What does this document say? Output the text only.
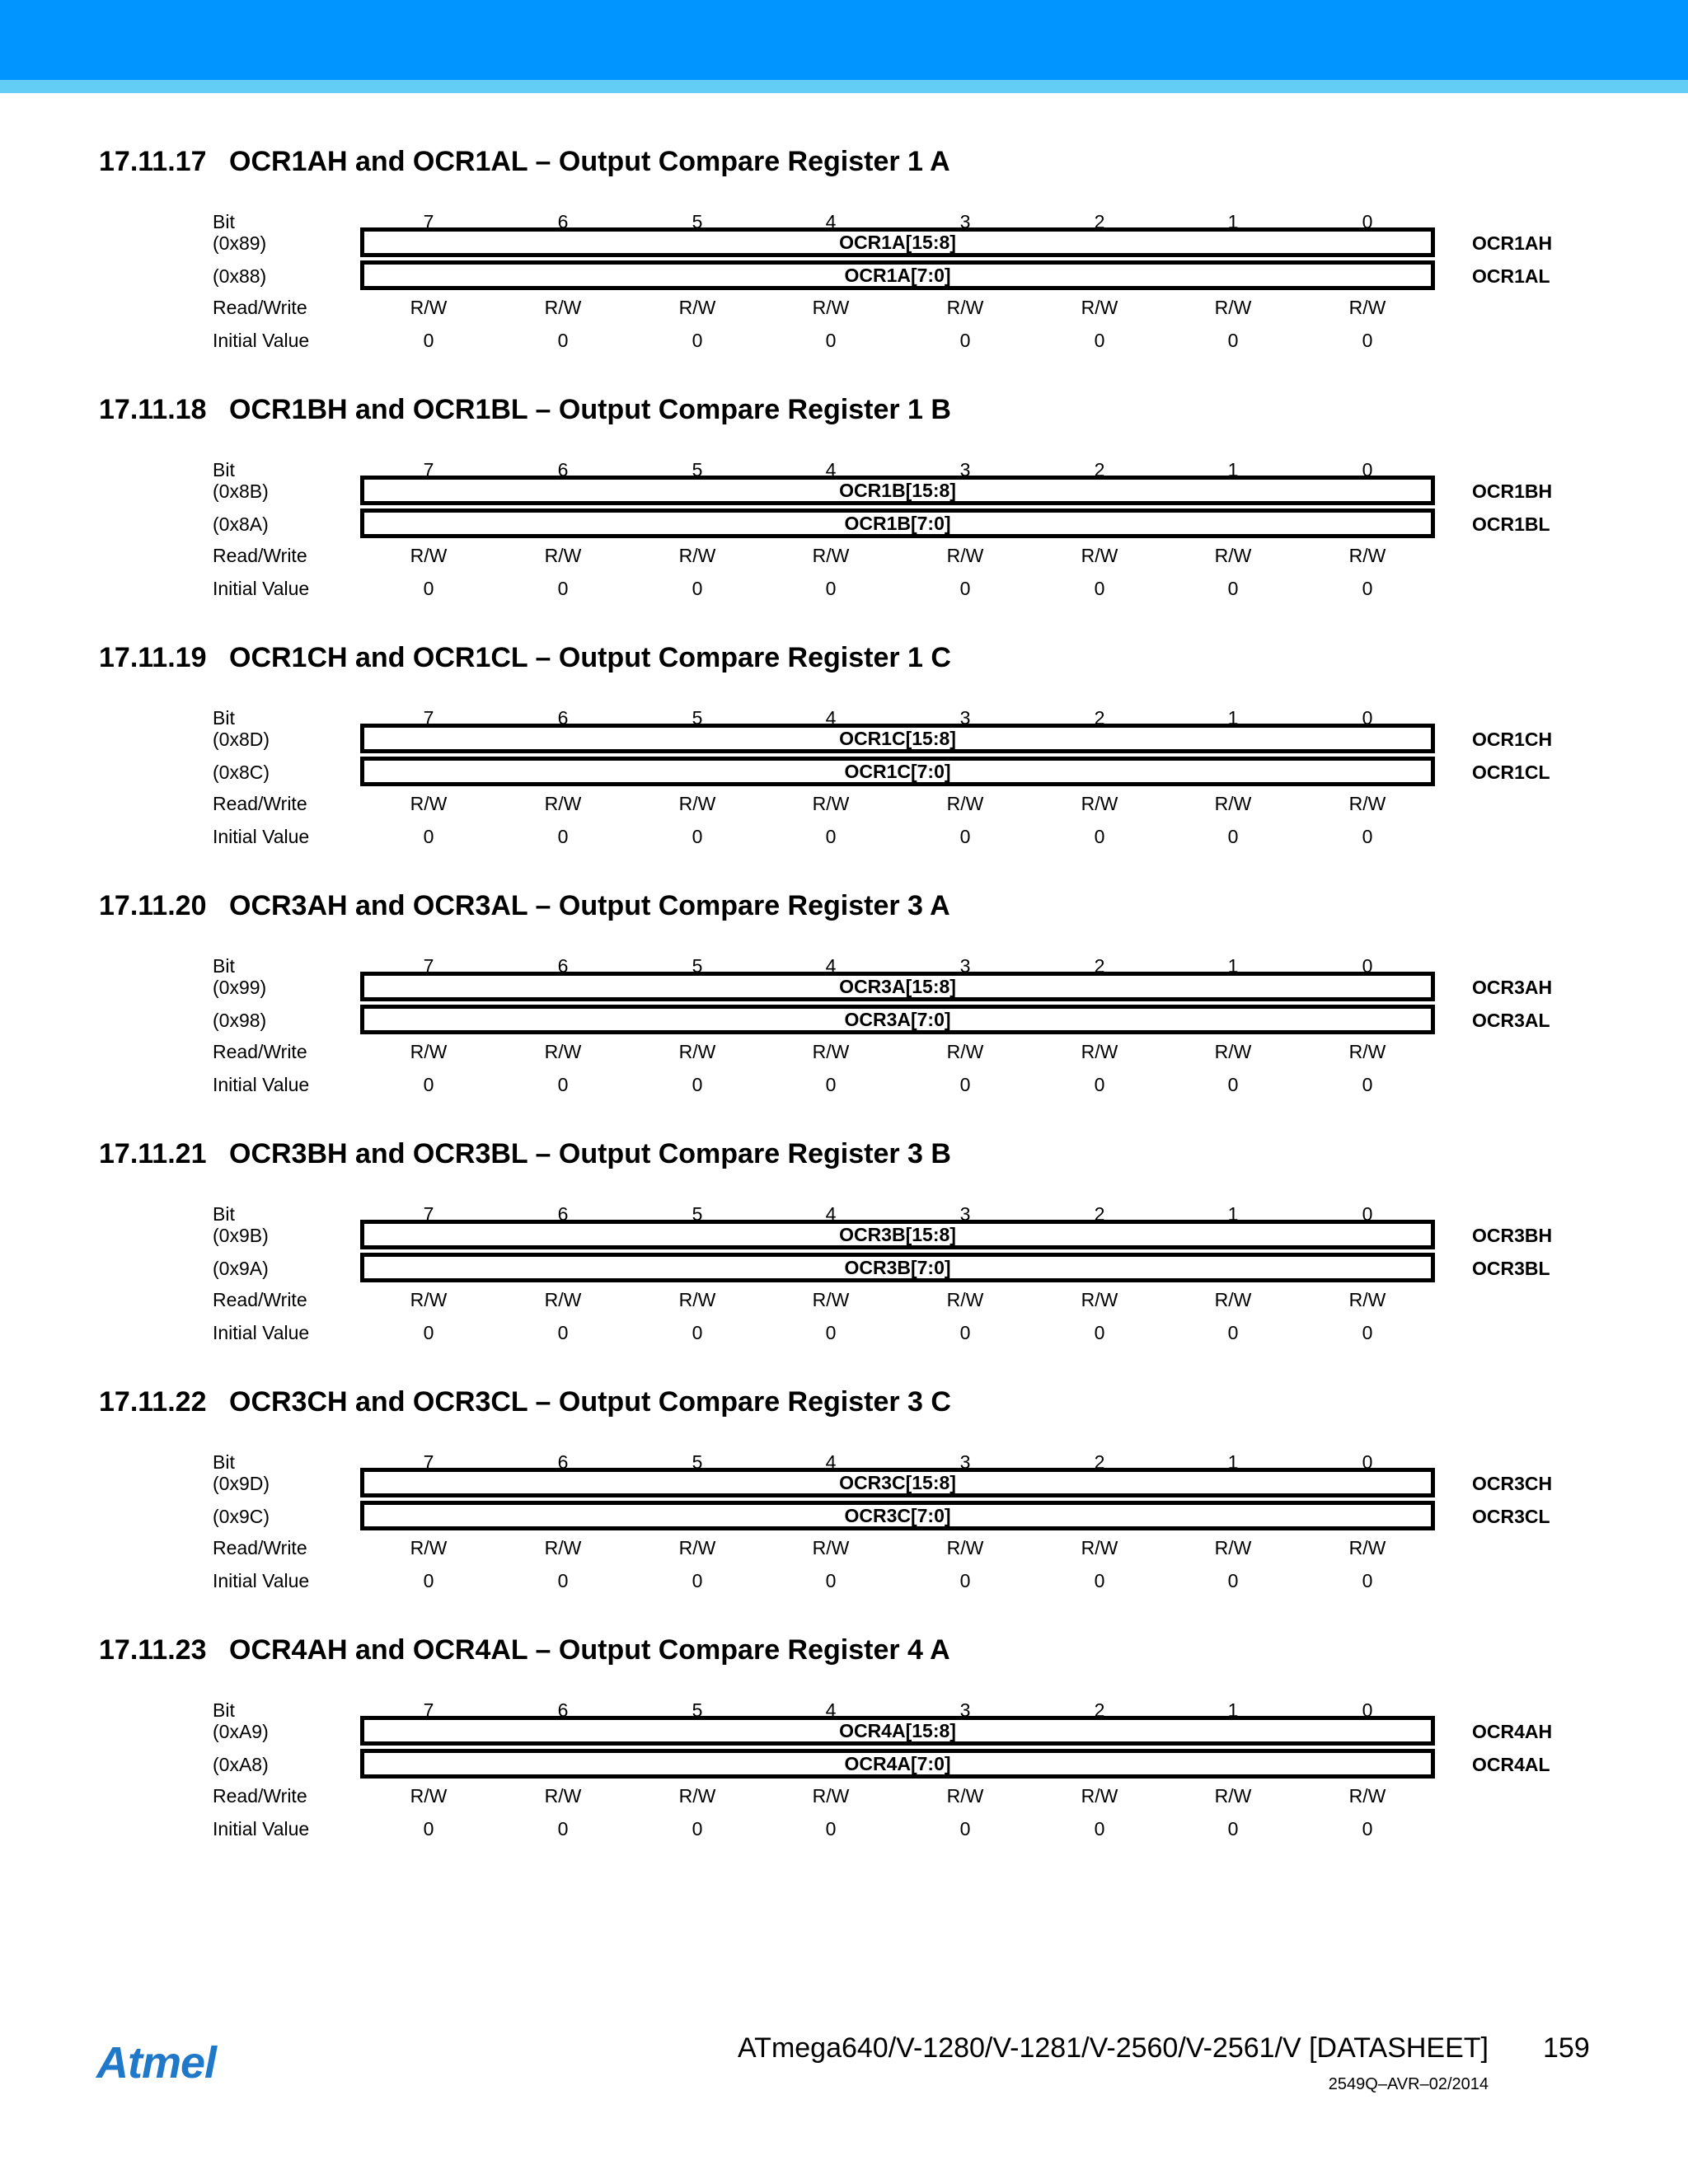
17.11.17 OCR1AH and OCR1AL – Output Compare Register 1 A
Bit
(0x89)
(0x88)
Read/Write
Initial Value
7
R/W
0
6
R/W
0
5
R/W
0
4
R/W
0
3
R/W
0
2
R/W
0
1
R/W
0
0
R/W
0
OCR1A[15:8]
OCR1A[7:0]
OCR1AH
OCR1AL
17.11.18 OCR1BH and OCR1BL – Output Compare Register 1 B
Bit
(0x8B)
(0x8A)
Read/Write
Initial Value
7
R/W
0
6
R/W
0
5
R/W
0
4
R/W
0
3
R/W
0
2
R/W
0
1
R/W
0
0
R/W
0
OCR1B[15:8]
OCR1B[7:0]
OCR1BH
OCR1BL
17.11.19 OCR1CH and OCR1CL – Output Compare Register 1 C
Bit
(0x8D)
(0x8C)
Read/Write
Initial Value
7
R/W
0
6
R/W
0
5
R/W
0
4
R/W
0
3
R/W
0
2
R/W
0
1
R/W
0
0
R/W
0
OCR1C[15:8]
OCR1C[7:0]
OCR1CH
OCR1CL
17.11.20 OCR3AH and OCR3AL – Output Compare Register 3 A
Bit
(0x99)
(0x98)
Read/Write
Initial Value
7
R/W
0
6
R/W
0
5
R/W
0
4
R/W
0
3
R/W
0
2
R/W
0
1
R/W
0
0
R/W
0
OCR3A[15:8]
OCR3A[7:0]
OCR3AH
OCR3AL
17.11.21 OCR3BH and OCR3BL – Output Compare Register 3 B
Bit
(0x9B)
(0x9A)
Read/Write
Initial Value
7
R/W
0
6
R/W
0
5
R/W
0
4
R/W
0
3
R/W
0
2
R/W
0
1
R/W
0
0
R/W
0
OCR3B[15:8]
OCR3B[7:0]
OCR3BH
OCR3BL
17.11.22 OCR3CH and OCR3CL – Output Compare Register 3 C
Bit
(0x9D)
(0x9C)
Read/Write
Initial Value
7
R/W
0
6
R/W
0
5
R/W
0
4
R/W
0
3
R/W
0
2
R/W
0
1
R/W
0
0
R/W
0
OCR3C[15:8]
OCR3C[7:0]
OCR3CH
OCR3CL
17.11.23 OCR4AH and OCR4AL – Output Compare Register 4 A
Bit
(0xA9)
(0xA8)
Read/Write
Initial Value
7
R/W
0
6
R/W
0
5
R/W
0
4
R/W
0
3
R/W
0
2
R/W
0
1
R/W
0
0
R/W
0
OCR4A[15:8]
OCR4A[7:0]
OCR4AH
OCR4AL
Atmel	ATmega640/V-1280/V-1281/V-2560/V-2561/V [DATASHEET] 159
2549Q–AVR–02/2014
